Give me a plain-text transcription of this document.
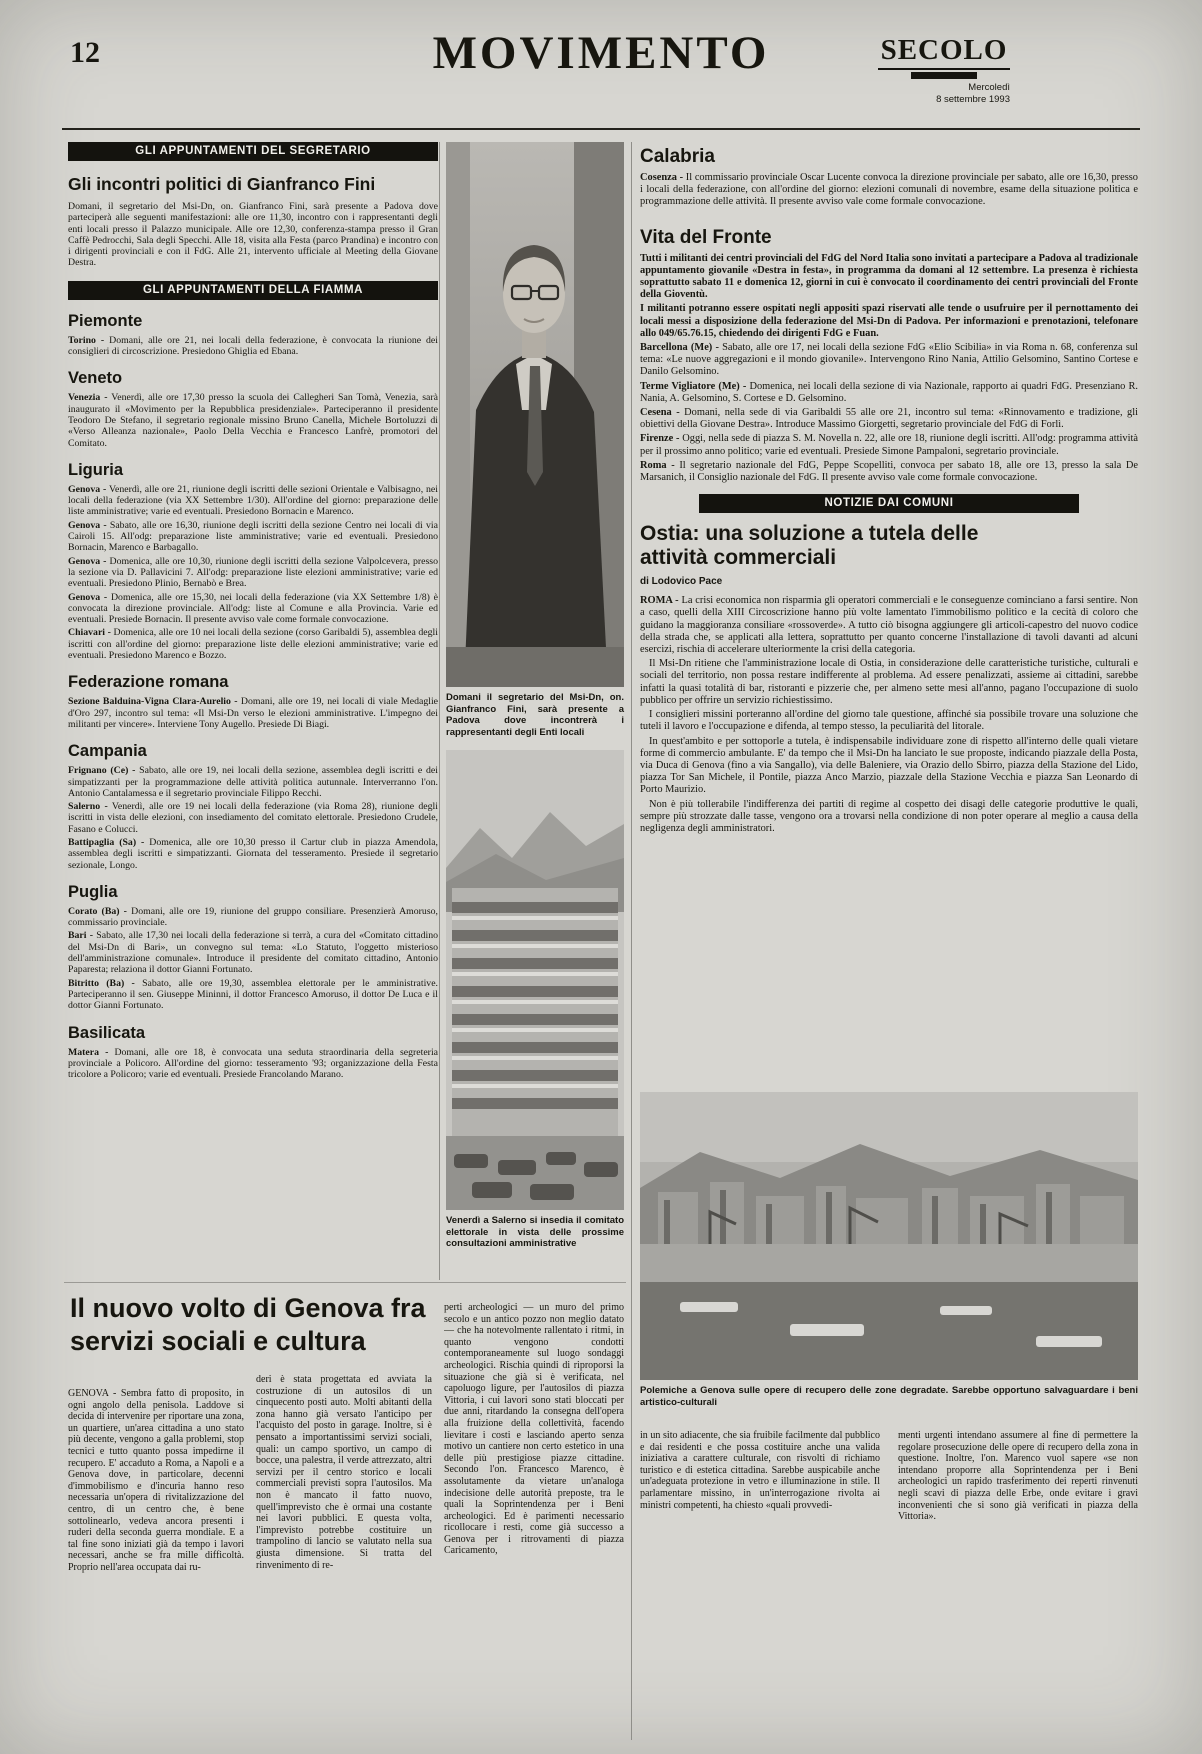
12	MOVIMENTO	SECOLO
Mercoledì
8 settembre 1993
GLI APPUNTAMENTI DEL SEGRETARIO
Gli incontri politici di Gianfranco Fini

Domani, il segretario del Msi-Dn, on. Gianfranco Fini, sarà presente a Padova dove parteciperà alle seguenti manifestazioni: alle ore 11,30, incontro con i rappresentanti degli enti locali presso il Palazzo municipale. Alle ore 12,30, conferenza-stampa presso il Gran Caffè Pedrocchi, Sala degli Specchi. Alle 18, visita alla Festa (parco Prandina) e incontro con i dirigenti provinciali e con il FdG. Alle 21, intervento ufficiale al Meeting della Giovane Destra.

GLI APPUNTAMENTI DELLA FIAMMA
Piemonte

Torino - Domani, alle ore 21, nei locali della federazione, è convocata la riunione dei consiglieri di circoscrizione. Presiedono Ghiglia ed Ebana.

Veneto

Venezia - Venerdì, alle ore 17,30 presso la scuola dei Callegheri San Tomà, Venezia, sarà inaugurato il «Movimento per la Repubblica presidenziale». Parteciperanno il presidente Teodoro De Stefano, il segretario regionale missino Bruno Canella, Michele Bortoluzzi di «Verso Alleanza nazionale», Paolo Della Vecchia e Francesco Lanfrè, promotori del Comitato.

Liguria

Genova - Venerdì, alle ore 21, riunione degli iscritti delle sezioni Orientale e Valbisagno, nei locali della federazione (via XX Settembre 1/30). All'ordine del giorno: preparazione delle liste amministrative; varie ed eventuali. Presiedono Bornacin e Marenco.

Genova - Sabato, alle ore 16,30, riunione degli iscritti della sezione Centro nei locali di via Cairoli 15. All'odg: preparazione liste amministrative; varie ed eventuali. Presiedono Bornacin, Marenco e Barbagallo.

Genova - Domenica, alle ore 10,30, riunione degli iscritti della sezione Valpolcevera, presso la sezione via D. Pallavicini 7. All'odg: preparazione liste elezioni amministrative; varie ed eventuali. Presiedono Plinio, Bernabò e Brea.

Genova - Domenica, alle ore 15,30, nei locali della federazione (via XX Settembre 1/8) è convocata la direzione provinciale. All'odg: liste al Comune e alla Provincia. Varie ed eventuali. Presiede Bornacin. Il presente avviso vale come formale convocazione.

Chiavari - Domenica, alle ore 10 nei locali della sezione (corso Garibaldi 5), assemblea degli iscritti con all'ordine del giorno: preparazione liste delle elezioni amministrative; varie ed eventuali. Presiedono Marenco e Bozzo.

Federazione romana

Sezione Balduina-Vigna Clara-Aurelio - Domani, alle ore 19, nei locali di viale Medaglie d'Oro 297, incontro sul tema: «Il Msi-Dn verso le elezioni amministrative. L'impegno dei militanti per vincere». Interviene Tony Augello. Presiede Di Biagi.

Campania

Frignano (Ce) - Sabato, alle ore 19, nei locali della sezione, assemblea degli iscritti e dei simpatizzanti per la programmazione delle attività politica autunnale. Interverranno l'on. Antonio Cantalamessa e il segretario provinciale Filippo Recchi.

Salerno - Venerdì, alle ore 19 nei locali della federazione (via Roma 28), riunione degli iscritti in vista delle elezioni, con insediamento del comitato elettorale. Presiedono Crudele, Fasano e Colucci.

Battipaglia (Sa) - Domenica, alle ore 10,30 presso il Cartur club in piazza Amendola, assemblea degli iscritti e simpatizzanti. Giornata del tesseramento. Presiede il segretario sezionale, Longo.

Puglia

Corato (Ba) - Domani, alle ore 19, riunione del gruppo consiliare. Presenzierà Amoruso, commissario provinciale.

Bari - Sabato, alle 17,30 nei locali della federazione si terrà, a cura del «Comitato cittadino del Msi-Dn di Bari», un convegno sul tema: «Lo Statuto, l'oggetto misterioso dell'amministrazione comunale». Introduce il presidente del comitato cittadino, Antonio Paparesta; relaziona il dottor Gianni Fortunato.

Bitritto (Ba) - Sabato, alle ore 19,30, assemblea elettorale per le amministrative. Parteciperanno il sen. Giuseppe Mininni, il dottor Francesco Amoruso, il dottor De Luca e il dottor Gianni Fortunato.

Basilicata

Matera - Domani, alle ore 18, è convocata una seduta straordinaria della segreteria provinciale a Policoro. All'ordine del giorno: tesseramento '93; organizzazione della Festa tricolore a Policoro; varie ed eventuali. Presiede Francolando Marano.

Domani il segretario del Msi-Dn, on. Gianfranco Fini, sarà presente a Padova dove incontrerà i rappresentanti degli Enti locali

Venerdì a Salerno si insedia il comitato elettorale in vista delle prossime consultazioni amministrative

Calabria

Cosenza - Il commissario provinciale Oscar Lucente convoca la direzione provinciale per sabato, alle ore 16,30, presso i locali della federazione, con all'ordine del giorno: elezioni comunali di novembre, esame della situazione politica e programmazione delle attività. Il presente avviso vale come formale convocazione.

Vita del Fronte

Tutti i militanti dei centri provinciali del FdG del Nord Italia sono invitati a partecipare a Padova al tradizionale appuntamento giovanile «Destra in festa», in programma da domani al 12 settembre. La presenza è richiesta soprattutto sabato 11 e domenica 12, giorni in cui è convocato il coordinamento dei centri provinciali del Fronte della Gioventù.

I militanti potranno essere ospitati negli appositi spazi riservati alle tende o usufruire per il pernottamento dei locali messi a disposizione della federazione del Msi-Dn di Padova. Per informazioni e prenotazioni, telefonare allo 049/65.76.15, chiedendo dei dirigenti FdG e Fuan.

Barcellona (Me) - Sabato, alle ore 17, nei locali della sezione FdG «Elio Scibilia» in via Roma n. 68, conferenza sul tema: «Le nuove aggregazioni e il mondo giovanile». Intervengono Rino Nania, Attilio Gelsomino, Santino Cortese e Danilo Gelsomino.

Terme Vigliatore (Me) - Domenica, nei locali della sezione di via Nazionale, rapporto ai quadri FdG. Presenziano R. Nania, A. Gelsomino, S. Cortese e D. Gelsomino.

Cesena - Domani, nella sede di via Garibaldi 55 alle ore 21, incontro sul tema: «Rinnovamento e tradizione, gli obiettivi della Giovane Destra». Introduce Massimo Giorgetti, segretario provinciale del FdG di Forlì.

Firenze - Oggi, nella sede di piazza S. M. Novella n. 22, alle ore 18, riunione degli iscritti. All'odg: programma attività per il prossimo anno politico; varie ed eventuali. Presiede Simone Pampaloni, segretario provinciale.

Roma - Il segretario nazionale del FdG, Peppe Scopelliti, convoca per sabato 18, alle ore 13, presso la sala De Marsanich, il Consiglio nazionale del FdG. Il presente avviso vale come formale convocazione.

NOTIZIE DAI COMUNI
Ostia: una soluzione a tutela delle attività commerciali
di Lodovico Pace

ROMA - La crisi economica non risparmia gli operatori commerciali e le conseguenze cominciano a farsi sentire. Non a caso, quelli della XIII Circoscrizione hanno più volte lamentato l'immobilismo politico e la cecità di coloro che guidano la maggioranza consiliare «rossoverde». A tutto ciò bisogna aggiungere gli articoli-capestro del nuovo codice della strada che, se applicati alla lettera, soprattutto per quanto concerne l'installazione di tavoli davanti ad alcuni esercizi, rischia di accelerare ulteriormente la crisi della categoria.

Il Msi-Dn ritiene che l'amministrazione locale di Ostia, in considerazione delle caratteristiche turistiche, culturali e sociali del territorio, non possa restare indifferente al problema. Ad essere penalizzati, assieme ai cittadini, sarebbe infatti la quasi totalità di bar, ristoranti e pizzerie che, per almeno sette mesi all'anno, pagano l'occupazione di suolo pubblico per offrire un servizio richiestissimo.

I consiglieri missini porteranno all'ordine del giorno tale questione, affinché sia possibile trovare una soluzione che tuteli il lavoro e l'occupazione e difenda, al tempo stesso, la peculiarità del litorale.

In quest'ambito e per sottoporle a tutela, è indispensabile individuare zone di rispetto all'interno delle quali vietare forme di commercio ambulante. E' da tempo che il Msi-Dn ha lanciato le sue proposte, indicando piazzale della Posta, via Duca di Genova (fino a via Sangallo), via delle Baleniere, via Orazio dello Sbirro, piazza della Stazione del Lido, piazza Tor San Michele, il Pontile, piazza Anco Marzio, piazzale della Stazione Vecchia e piazza San Leonardo di Porto Maurizio.

Non è più tollerabile l'indifferenza dei partiti di regime al cospetto dei disagi delle categorie produttive le quali, sempre più strozzate dalle tasse, vengono ora a trovarsi nella condizione di non poter operare al meglio a causa della negligenza degli amministratori.

Polemiche a Genova sulle opere di recupero delle zone degradate. Sarebbe opportuno salvaguardare i beni artistico-culturali

Il nuovo volto di Genova fra servizi sociali e cultura
GENOVA - Sembra fatto di proposito, in ogni angolo della penisola. Laddove si decida di intervenire per riportare una zona, un quartiere, un'area cittadina a uno stato più decente, vengono a galla problemi, stop tecnici e tutto quanto possa impedirne il recupero. E' accaduto a Roma, a Napoli e a Genova dove, in particolare, decenni d'immobilismo e d'incuria hanno reso necessaria un'opera di rivitalizzazione del centro, di un centro che, è bene sottolinearlo, vedeva ancora presenti i ruderi della seconda guerra mondiale. E a tal fine sono iniziati già da tempo i lavori necessari, anche se fra mille difficoltà. Proprio nell'area occupata dai ru-
deri è stata progettata ed avviata la costruzione di un autosilos di un cinquecento posti auto. Molti abitanti della zona hanno già versato l'anticipo per l'acquisto del posto in garage. Inoltre, si è pensato a importantissimi servizi sociali, quali: un campo sportivo, un campo di bocce, una palestra, il verde attrezzato, altri servizi per il centro storico e locali commerciali previsti sopra l'autosilos. Ma non è mancato il fatto nuovo, quell'imprevisto che è ormai una costante nei lavori pubblici. E questa volta, l'imprevisto potrebbe costituire un trampolino di lancio se valutato nella sua giusta dimensione. Si tratta del rinvenimento di re-
perti archeologici — un muro del primo secolo e un antico pozzo non meglio datato — che ha notevolmente rallentato i ritmi, in quanto vengono condotti contemporaneamente sul luogo sondaggi archeologici. Rischia quindi di riproporsi la situazione che già si è verificata, nel capoluogo ligure, per l'autosilos di piazza Vittoria, i cui lavori sono stati bloccati per due anni, ritardando la consegna dell'opera alla fruizione della collettività, facendo lievitare i costi e lasciando aperto senza motivo un cantiere non certo estetico in una delle più prestigiose piazze cittadine. Secondo l'on. Francesco Marenco, è assolutamente da vietare un'analoga indecisione delle autorità preposte, tra le quali la Soprintendenza per i Beni archeologici. Ed è parimenti necessario ricollocare i resti, come già successo a Genova per i ritrovamenti di piazza Caricamento,
in un sito adiacente, che sia fruibile facilmente dal pubblico e dai residenti e che possa costituire anche una valida iniziativa a carattere culturale, con risvolti di richiamo turistico e di estetica cittadina. Sarebbe auspicabile anche un'adeguata protezione in vetro e illuminazione in stile. Il parlamentare missino, in un'interrogazione rivolta ai ministri competenti, ha chiesto «quali provvedi-
menti urgenti intendano assumere al fine di permettere la regolare prosecuzione delle opere di recupero della zona in questione. Inoltre, l'on. Marenco vuol sapere «se non intendano proporre alla Soprintendenza per i Beni archeologici un rapido trasferimento dei reperti rinvenuti negli scavi di piazza delle Erbe, onde evitare i gravi inconvenienti che si sono già verificati in piazza della Vittoria».
